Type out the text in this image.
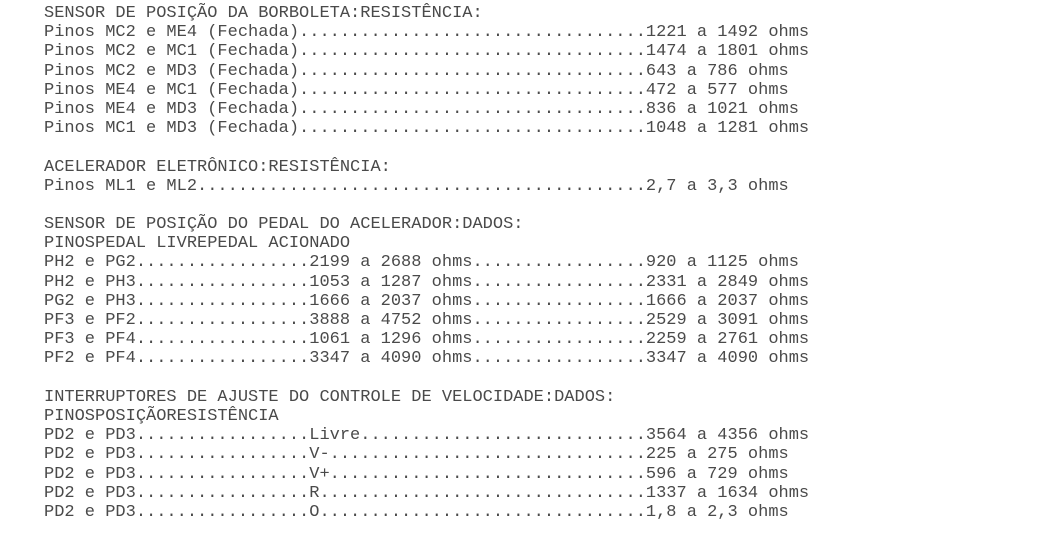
SENSOR DE POSIÇÃO DA BORBOLETA:RESISTÊNCIA:
Pinos MC2 e ME4 (Fechada)..................................1221 a 1492 ohms
Pinos MC2 e MC1 (Fechada)..................................1474 a 1801 ohms
Pinos MC2 e MD3 (Fechada)..................................643 a 786 ohms
Pinos ME4 e MC1 (Fechada)..................................472 a 577 ohms
Pinos ME4 e MD3 (Fechada)..................................836 a 1021 ohms
Pinos MC1 e MD3 (Fechada)..................................1048 a 1281 ohms
ACELERADOR ELETRÔNICO:RESISTÊNCIA:
Pinos ML1 e ML2............................................2,7 a 3,3 ohms
SENSOR DE POSIÇÃO DO PEDAL DO ACELERADOR:DADOS:
PINOSPEDAL LIVREPEDAL ACIONADO
PH2 e PG2.................2199 a 2688 ohms.................920 a 1125 ohms
PH2 e PH3.................1053 a 1287 ohms.................2331 a 2849 ohms
PG2 e PH3.................1666 a 2037 ohms.................1666 a 2037 ohms
PF3 e PF2.................3888 a 4752 ohms.................2529 a 3091 ohms
PF3 e PF4.................1061 a 1296 ohms.................2259 a 2761 ohms
PF2 e PF4.................3347 a 4090 ohms.................3347 a 4090 ohms
INTERRUPTORES DE AJUSTE DO CONTROLE DE VELOCIDADE:DADOS:
PINOSPOSIÇÃORESISTÊNCIA
PD2 e PD3.................Livre............................3564 a 4356 ohms
PD2 e PD3.................V-...............................225 a 275 ohms
PD2 e PD3.................V+...............................596 a 729 ohms
PD2 e PD3.................R................................1337 a 1634 ohms
PD2 e PD3.................O................................1,8 a 2,3 ohms
